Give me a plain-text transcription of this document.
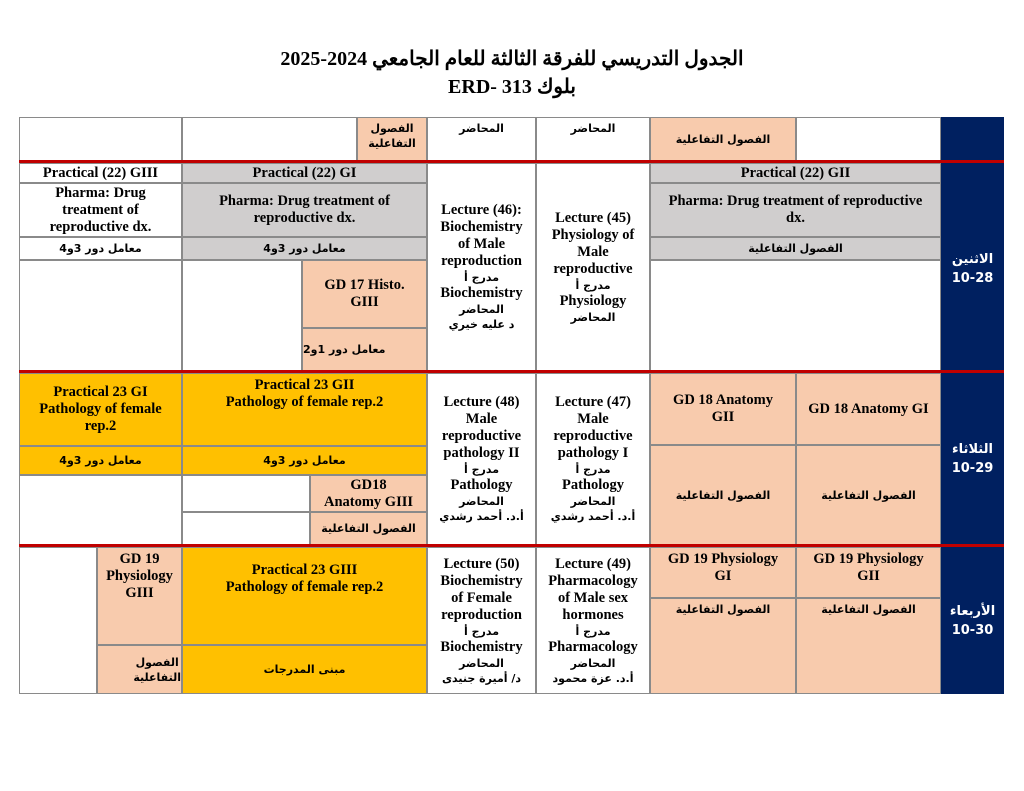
الجدول التدريسي للفرقة الثالثة للعام الجامعي 2024-2025
بلوك ERD- 313
الفصول
التفاعلية
المحاضر	المحاضر
الفصول التفاعلية
Practical (22) GIII
Pharma: Drug
treatment of
reproductive dx.
معامل دور 3و4
Practical (22) GI
Pharma: Drug treatment of
reproductive dx.
معامل دور 3و4
GD 17 Histo.
GIII
معامل دور 1و2
Lecture (46):
Biochemistry
of Male
reproduction
مدرج أ
Biochemistry
المحاضر
د عليه خيري
Lecture (45)
Physiology of
Male
reproductive
مدرج أ
Physiology
المحاضر
Practical (22) GII
Pharma: Drug treatment of reproductive
dx.
الفصول التفاعلية
Practical 23 GI
Pathology of female
rep.2
معامل دور 3و4
Practical 23 GII
Pathology of female rep.2
معامل دور 3و4
GD18
Anatomy GIII
الفصول التفاعلية
Lecture (48)
Male
reproductive
pathology II
مدرج أ
Pathology
المحاضر
أ.د. أحمد رشدي
Lecture (47)
Male
reproductive
pathology I
مدرج أ
Pathology
المحاضر
أ.د. أحمد رشدي
GD 18 Anatomy
GII
الفصول التفاعلية
GD 18 Anatomy GI
الفصول التفاعلية
GD 19
Physiology
GIII
الفصول
التفاعلية
Practical 23 GIII
Pathology of female rep.2
مبنى المدرجات
Lecture (50)
Biochemistry
of Female
reproduction
مدرج أ
Biochemistry
المحاضر
د/ أميرة جنيدى
Lecture (49)
Pharmacology
of Male sex
hormones
مدرج أ
Pharmacology
المحاضر
أ.د. عزة محمود
GD 19 Physiology
GI
الفصول التفاعلية
GD 19 Physiology
GII
الفصول التفاعلية
الاثنين
10-28
الثلاثاء
10-29
الأربعاء
10-30
